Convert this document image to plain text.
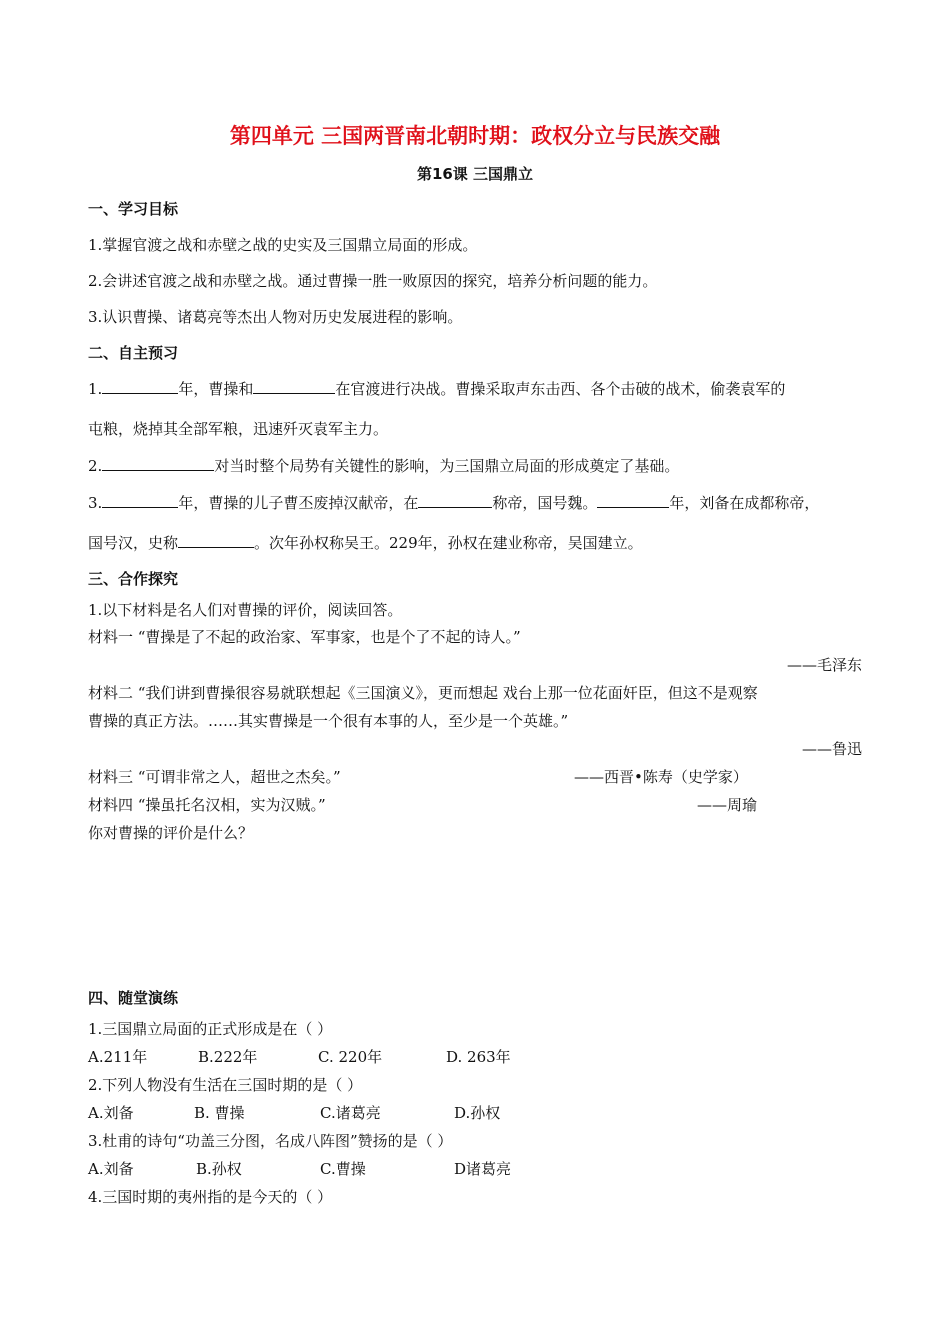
第四单元 三国两晋南北朝时期：政权分立与民族交融
第16课 三国鼎立
一、学习目标
1.掌握官渡之战和赤壁之战的史实及三国鼎立局面的形成。
2.会讲述官渡之战和赤壁之战。通过曹操一胜一败原因的探究，培养分析问题的能力。
3.认识曹操、诸葛亮等杰出人物对历史发展进程的影响。
二、自主预习
1.	年，曹操和	在官渡进行决战。曹操采取声东击西、各个击破的战术，偷袭袁军的
屯粮，烧掉其全部军粮，迅速歼灭袁军主力。
2.	对当时整个局势有关键性的影响，为三国鼎立局面的形成奠定了基础。
3.	年，曹操的儿子曹丕废掉汉献帝，在	称帝，国号魏。	年，刘备在成都称帝，
国号汉，史称	。次年孙权称吴王。229年，孙权在建业称帝，吴国建立。
三、合作探究
1.以下材料是名人们对曹操的评价，阅读回答。
材料一 “曹操是了不起的政治家、军事家，也是个了不起的诗人。”
——毛泽东
材料二 “我们讲到曹操很容易就联想起《三国演义》，更而想起 戏台上那一位花面奸臣，但这不是观察
曹操的真正方法。……其实曹操是一个很有本事的人，至少是一个英雄。”
——鲁迅
材料三 “可谓非常之人，超世之杰矣。”	——西晋•陈寿（史学家）
材料四 “操虽托名汉相，实为汉贼。”	——周瑜
你对曹操的评价是什么？
四、随堂演练
1.三国鼎立局面的正式形成是在（ ）
A.211年	B.222年	C. 220年	D. 263年
2.下列人物没有生活在三国时期的是（ ）
A.刘备	B. 曹操	C.诸葛亮	D.孙权
3.杜甫的诗句“功盖三分图，名成八阵图”赞扬的是（ ）
A.刘备	B.孙权	C.曹操	D诸葛亮
4.三国时期的夷州指的是今天的（ ）
